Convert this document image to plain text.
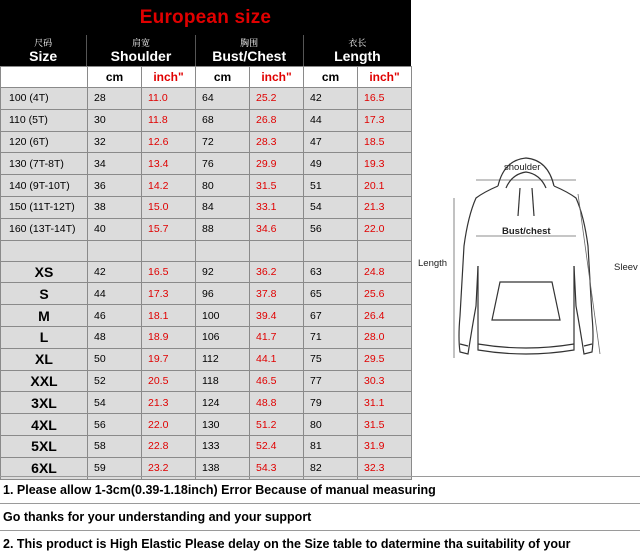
European size
尺码
Size
肩宽
Shoulder
胸围
Bust/Chest
衣长
Length
	cm	inch"	cm	inch"	cm	inch"
100 (4T)	28	11.0	64	25.2	42	16.5
110 (5T)	30	11.8	68	26.8	44	17.3
120 (6T)	32	12.6	72	28.3	47	18.5
130 (7T-8T)	34	13.4	76	29.9	49	19.3
140 (9T-10T)	36	14.2	80	31.5	51	20.1
150 (11T-12T)	38	15.0	84	33.1	54	21.3
160 (13T-14T)	40	15.7	88	34.6	56	22.0

XS	42	16.5	92	36.2	63	24.8
S	44	17.3	96	37.8	65	25.6
M	46	18.1	100	39.4	67	26.4
L	48	18.9	106	41.7	71	28.0
XL	50	19.7	112	44.1	75	29.5
XXL	52	20.5	118	46.5	77	30.3
3XL	54	21.3	124	48.8	79	31.1
4XL	56	22.0	130	51.2	80	31.5
5XL	58	22.8	133	52.4	81	31.9
6XL	59	23.2	138	54.3	82	32.3
shoulder
Bust/chest
Length	Sleev
1. Please allow 1-3cm(0.39-1.18inch) Error Because of manual measuring
Go thanks for your understanding and your support
2. This product is High Elastic Please delay on the Size table to datermine tha suitability of your
